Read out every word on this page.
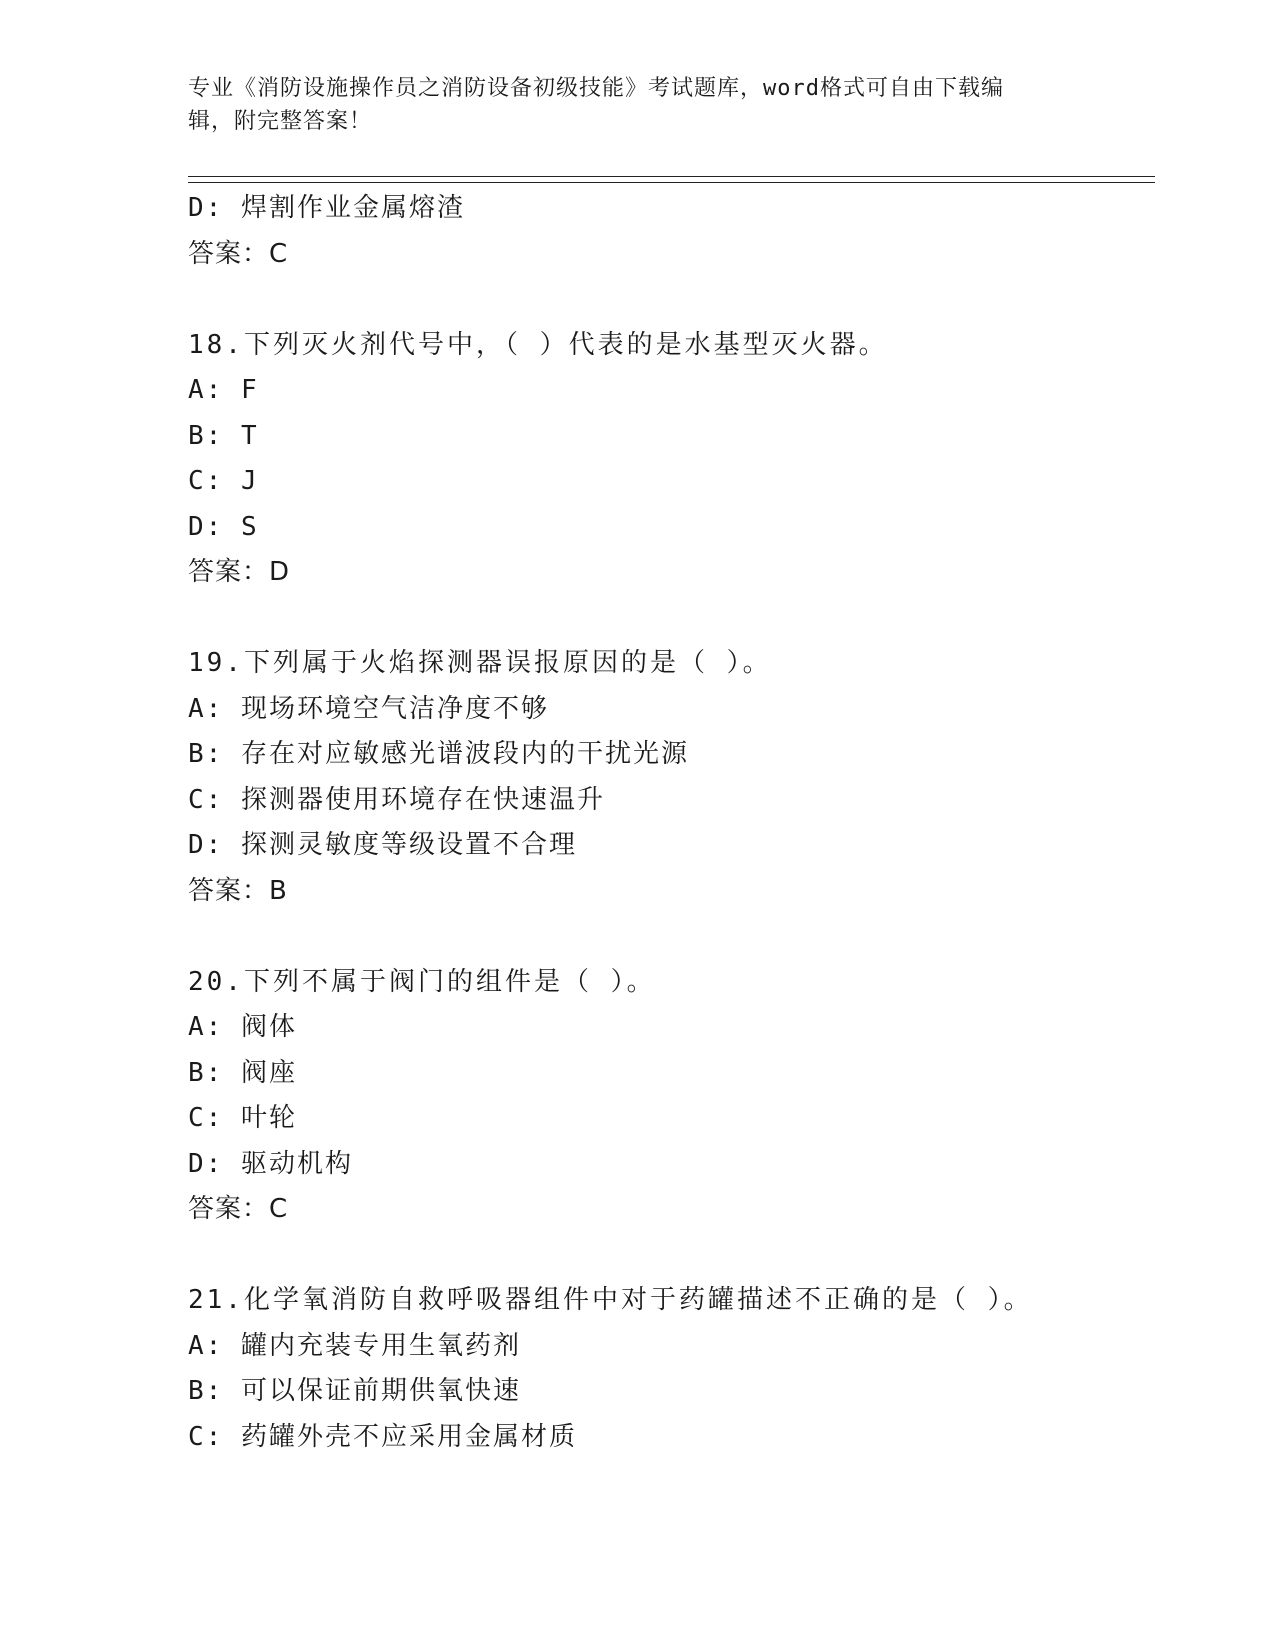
专业《消防设施操作员之消防设备初级技能》考试题库，word格式可自由下载编
辑，附完整答案！
D: 焊割作业金属熔渣
答案：C
18.下列灭火剂代号中，（ ）代表的是水基型灭火器。
A: F
B: T
C: J
D: S
答案：D
19.下列属于火焰探测器误报原因的是（ ）。
A: 现场环境空气洁净度不够
B: 存在对应敏感光谱波段内的干扰光源
C: 探测器使用环境存在快速温升
D: 探测灵敏度等级设置不合理
答案：B
20.下列不属于阀门的组件是（ ）。
A: 阀体
B: 阀座
C: 叶轮
D: 驱动机构
答案：C
21.化学氧消防自救呼吸器组件中对于药罐描述不正确的是（ ）。
A: 罐内充装专用生氧药剂
B: 可以保证前期供氧快速
C: 药罐外壳不应采用金属材质
